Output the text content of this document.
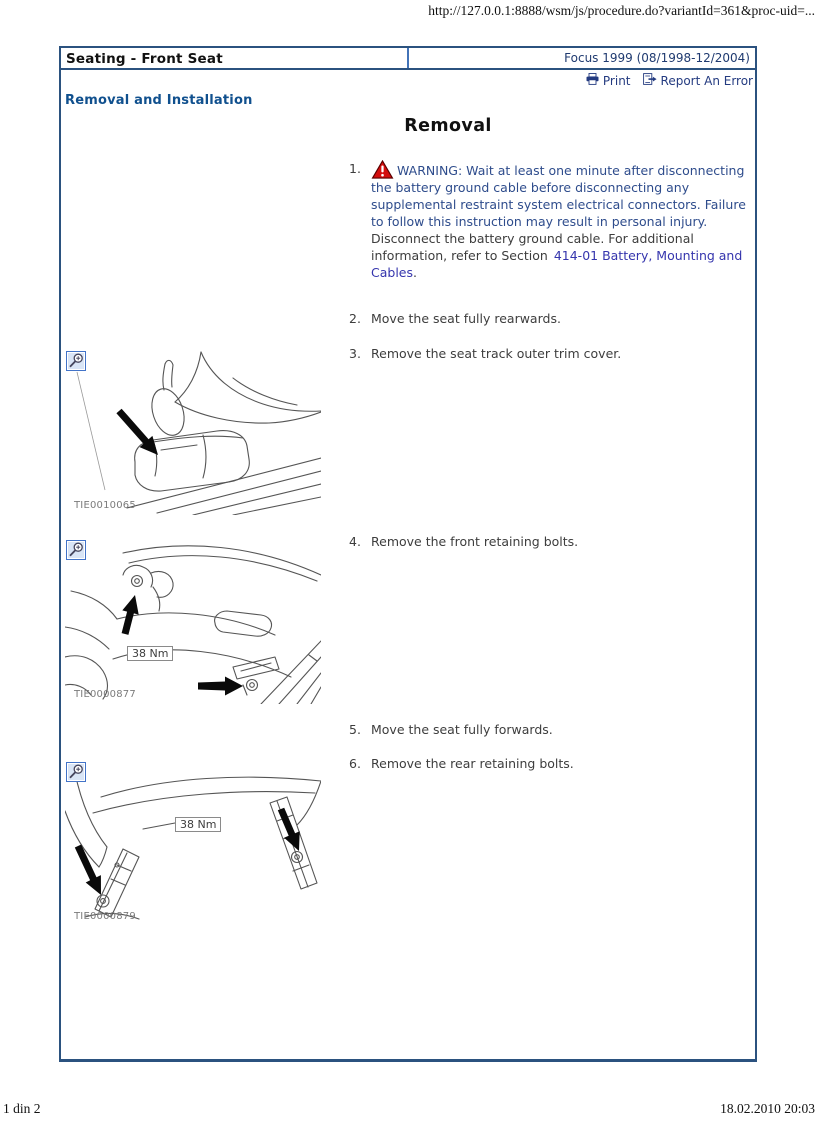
http://127.0.0.1:8888/wsm/js/procedure.do?variantId=361&proc-uid=...
Seating - Front Seat	Focus 1999 (08/1998-12/2004)
Print	Report An Error
Removal and Installation
Removal
1.	WARNING: Wait at least one minute after disconnecting the battery ground cable before disconnecting any supplemental restraint system electrical connectors. Failure to follow this instruction may result in personal injury.
Disconnect the battery ground cable. For additional information, refer to Section 414-01 Battery, Mounting and Cables.
2. Move the seat fully rearwards.
3. Remove the seat track outer trim cover.
4. Remove the front retaining bolts.
5. Move the seat fully forwards.
6. Remove the rear retaining bolts.
TIE0010065
38 Nm
TIE0000877
38 Nm
TIE0000879
1 din 2	18.02.2010 20:03
